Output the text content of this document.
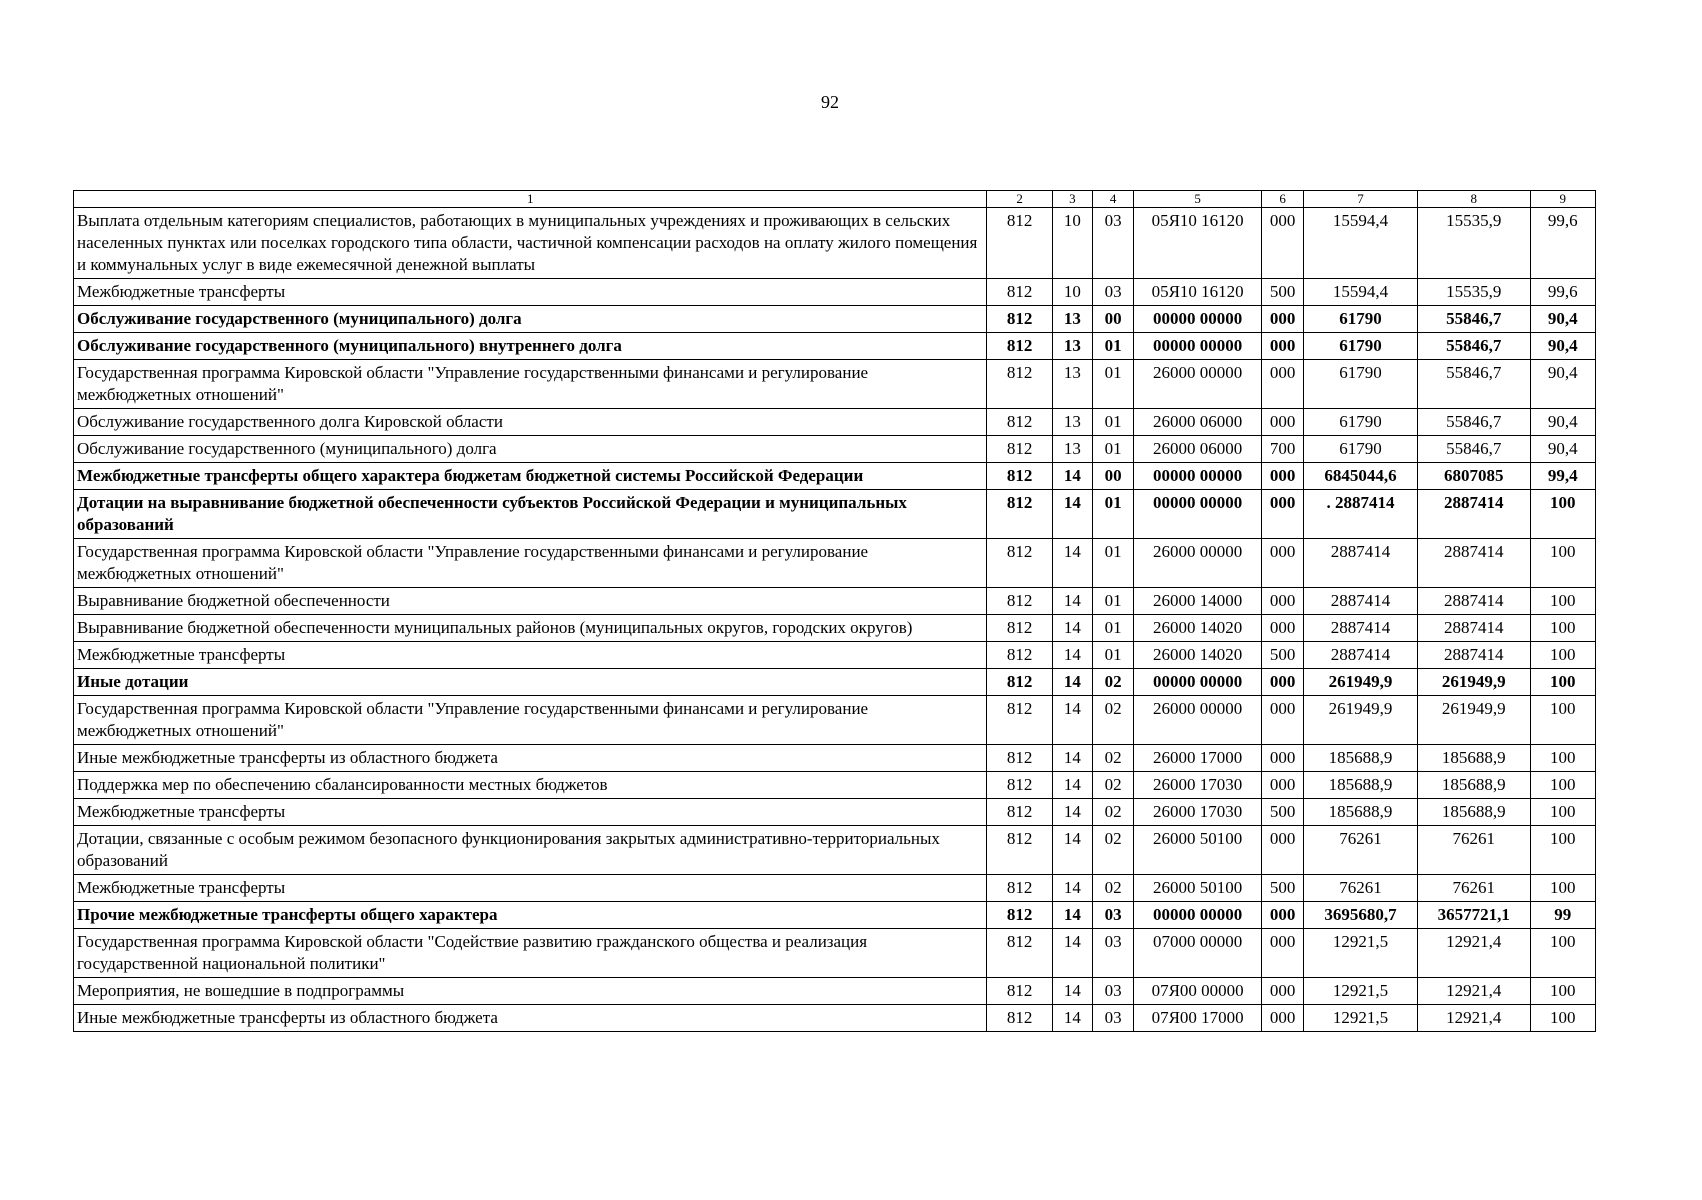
92
1	2	3	4	5	6	7	8	9
Выплата отдельным категориям специалистов, работающих в муниципальных учреждениях и проживающих в сельских населенных пунктах или поселках городского типа области, частичной компенсации расходов на оплату жилого помещения и коммунальных услуг в виде ежемесячной денежной выплаты	812	10	03	05Я10 16120	000	15594,4	15535,9	99,6
Межбюджетные трансферты	812	10	03	05Я10 16120	500	15594,4	15535,9	99,6
Обслуживание государственного (муниципального) долга	812	13	00	00000 00000	000	61790	55846,7	90,4
Обслуживание государственного (муниципального) внутреннего долга	812	13	01	00000 00000	000	61790	55846,7	90,4
Государственная программа Кировской области "Управление государственными финансами и регулирование межбюджетных отношений"	812	13	01	26000 00000	000	61790	55846,7	90,4
Обслуживание государственного долга Кировской области	812	13	01	26000 06000	000	61790	55846,7	90,4
Обслуживание государственного (муниципального) долга	812	13	01	26000 06000	700	61790	55846,7	90,4
Межбюджетные трансферты общего характера бюджетам бюджетной системы Российской Федерации	812	14	00	00000 00000	000	6845044,6	6807085	99,4
Дотации на выравнивание бюджетной обеспеченности субъектов Российской Федерации и муниципальных образований	812	14	01	00000 00000	000	. 2887414	2887414	100
Государственная программа Кировской области "Управление государственными финансами и регулирование межбюджетных отношений"	812	14	01	26000 00000	000	2887414	2887414	100
Выравнивание бюджетной обеспеченности	812	14	01	26000 14000	000	2887414	2887414	100
Выравнивание бюджетной обеспеченности муниципальных районов (муниципальных округов, городских округов)	812	14	01	26000 14020	000	2887414	2887414	100
Межбюджетные трансферты	812	14	01	26000 14020	500	2887414	2887414	100
Иные дотации	812	14	02	00000 00000	000	261949,9	261949,9	100
Государственная программа Кировской области "Управление государственными финансами и регулирование межбюджетных отношений"	812	14	02	26000 00000	000	261949,9	261949,9	100
Иные межбюджетные трансферты из областного бюджета	812	14	02	26000 17000	000	185688,9	185688,9	100
Поддержка мер по обеспечению сбалансированности местных бюджетов	812	14	02	26000 17030	000	185688,9	185688,9	100
Межбюджетные трансферты	812	14	02	26000 17030	500	185688,9	185688,9	100
Дотации, связанные с особым режимом безопасного функционирования закрытых административно-территориальных образований	812	14	02	26000 50100	000	76261	76261	100
Межбюджетные трансферты	812	14	02	26000 50100	500	76261	76261	100
Прочие межбюджетные трансферты общего характера	812	14	03	00000 00000	000	3695680,7	3657721,1	99
Государственная программа Кировской области "Содействие развитию гражданского общества и реализация государственной национальной политики"	812	14	03	07000 00000	000	12921,5	12921,4	100
Мероприятия, не вошедшие в подпрограммы	812	14	03	07Я00 00000	000	12921,5	12921,4	100
Иные межбюджетные трансферты из областного бюджета	812	14	03	07Я00 17000	000	12921,5	12921,4	100
